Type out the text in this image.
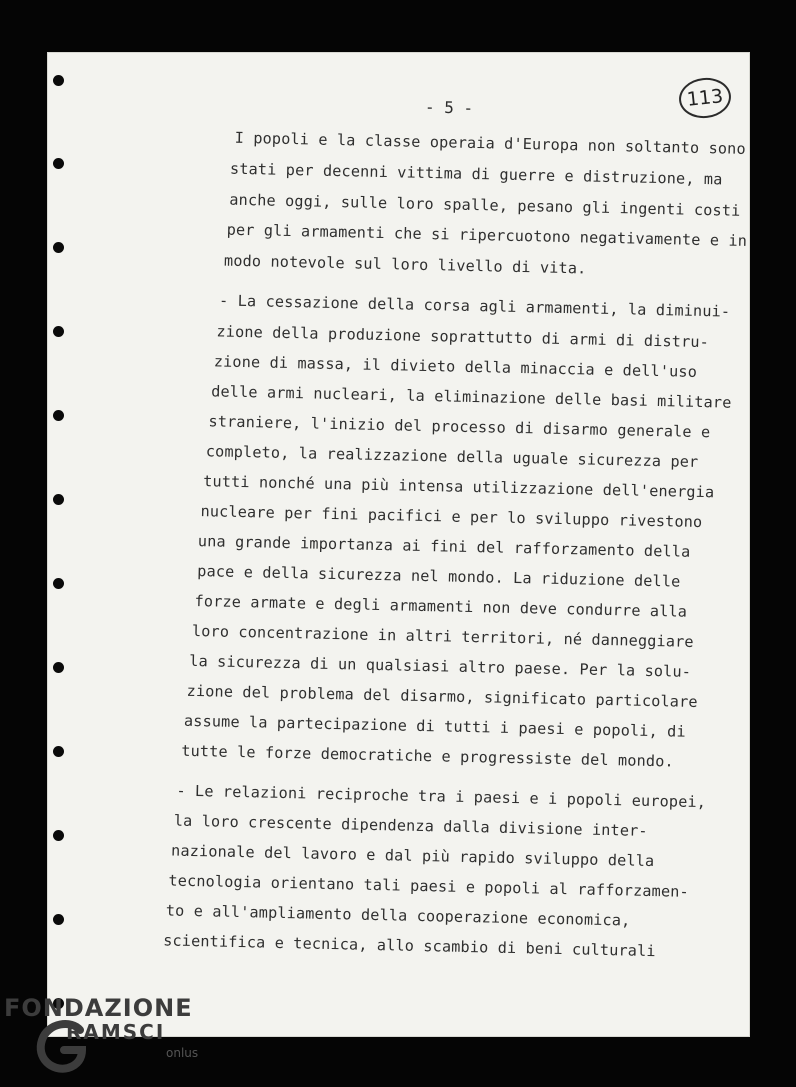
113
- 5 -
I popoli e la classe operaia d'Europa non soltanto sono
stati per decenni vittima di guerre e distruzione, ma
anche oggi, sulle loro spalle, pesano gli ingenti costi
per gli armamenti che si ripercuotono negativamente e in
modo notevole sul loro livello di vita.
- La cessazione della corsa agli armamenti, la diminui-
zione della produzione soprattutto di armi di distru-
zione di massa, il divieto della minaccia e dell'uso
delle armi nucleari, la eliminazione delle basi militare
straniere, l'inizio del processo di disarmo generale e
completo, la realizzazione della uguale sicurezza per
tutti nonché una più intensa utilizzazione dell'energia
nucleare per fini pacifici e per lo sviluppo rivestono
una grande importanza ai fini del rafforzamento della
pace e della sicurezza nel mondo. La riduzione delle
forze armate e degli armamenti non deve condurre alla
loro concentrazione in altri territori, né danneggiare
la sicurezza di un qualsiasi altro paese. Per la solu-
zione del problema del disarmo, significato particolare
assume la partecipazione di tutti i paesi e popoli, di
tutte le forze democratiche e progressiste del mondo.
- Le relazioni reciproche tra i paesi e i popoli europei,
la loro crescente dipendenza dalla divisione inter-
nazionale del lavoro e dal più rapido sviluppo della
tecnologia orientano tali paesi e popoli al rafforzamen-
to e all'ampliamento della cooperazione economica,
scientifica e tecnica, allo scambio di beni culturali
FONDAZIONE
RAMSCI
onlus
